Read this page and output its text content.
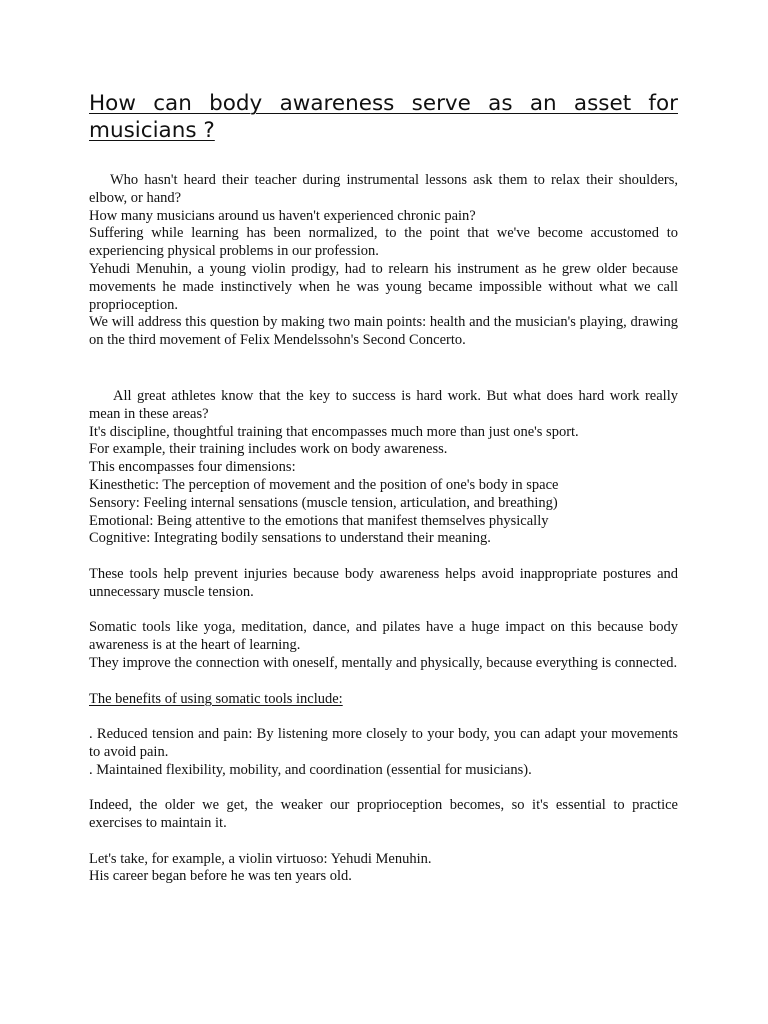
How can body awareness serve as an asset for musicians ?

Who hasn't heard their teacher during instrumental lessons ask them to relax their shoulders, elbow, or hand?

How many musicians around us haven't experienced chronic pain?

Suffering while learning has been normalized, to the point that we've become accustomed to experiencing physical problems in our profession.

Yehudi Menuhin, a young violin prodigy, had to relearn his instrument as he grew older because movements he made instinctively when he was young became impossible without what we call proprioception.

We will address this question by making two main points: health and the musician's playing, drawing on the third movement of Felix Mendelssohn's Second Concerto.

All great athletes know that the key to success is hard work. But what does hard work really mean in these areas?

It's discipline, thoughtful training that encompasses much more than just one's sport.

For example, their training includes work on body awareness.

This encompasses four dimensions:

Kinesthetic: The perception of movement and the position of one's body in space

Sensory: Feeling internal sensations (muscle tension, articulation, and breathing)

Emotional: Being attentive to the emotions that manifest themselves physically

Cognitive: Integrating bodily sensations to understand their meaning.

These tools help prevent injuries because body awareness helps avoid inappropriate postures and unnecessary muscle tension.

Somatic tools like yoga, meditation, dance, and pilates have a huge impact on this because body awareness is at the heart of learning.

They improve the connection with oneself, mentally and physically, because everything is connected.

The benefits of using somatic tools include:

. Reduced tension and pain: By listening more closely to your body, you can adapt your movements to avoid pain.

. Maintained flexibility, mobility, and coordination (essential for musicians).

Indeed, the older we get, the weaker our proprioception becomes, so it's essential to practice exercises to maintain it.

Let's take, for example, a violin virtuoso: Yehudi Menuhin.

His career began before he was ten years old.
